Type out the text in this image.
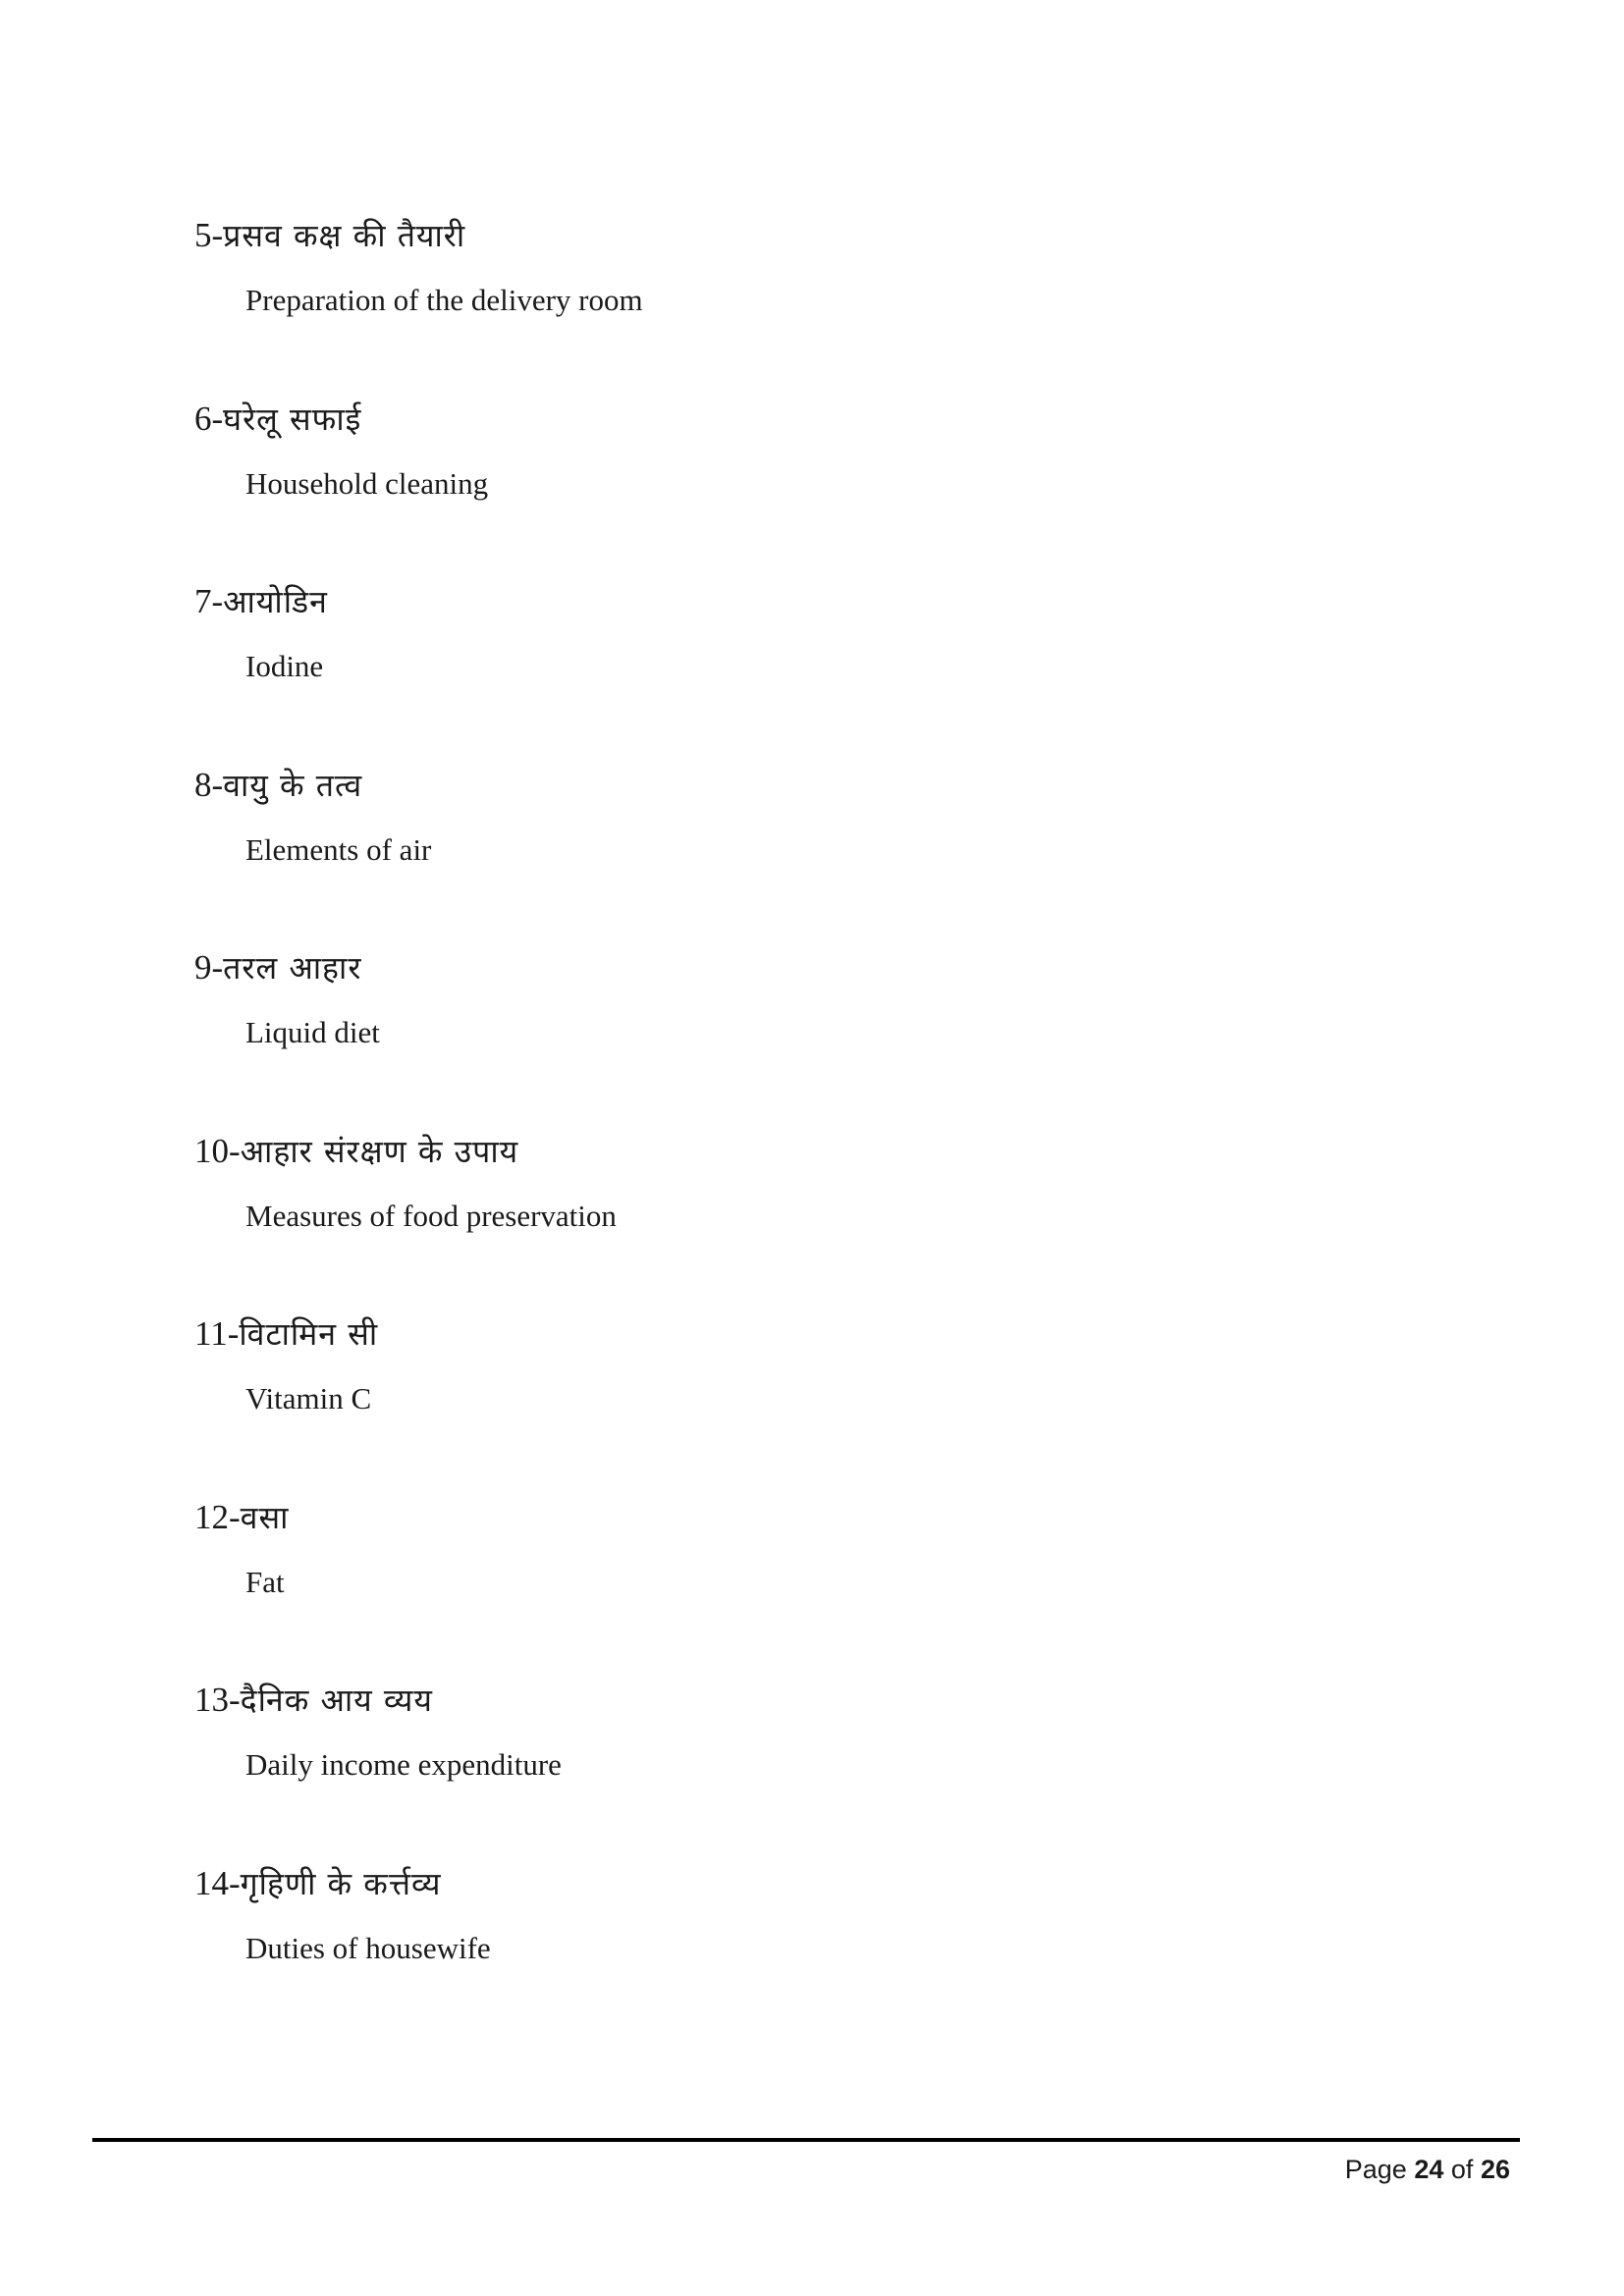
5-प्रसव कक्ष की तैयारी
Preparation of the delivery room
6-घरेलू सफाई
Household cleaning
7-आयोडिन
Iodine
8-वायु के तत्व
Elements of air
9-तरल आहार
Liquid diet
10-आहार संरक्षण के उपाय
Measures of food preservation
11-विटामिन सी
Vitamin C
12-वसा
Fat
13-दैनिक आय व्यय
Daily income expenditure
14-गृहिणी के कर्त्तव्य
Duties of housewife
Page 24 of 26
